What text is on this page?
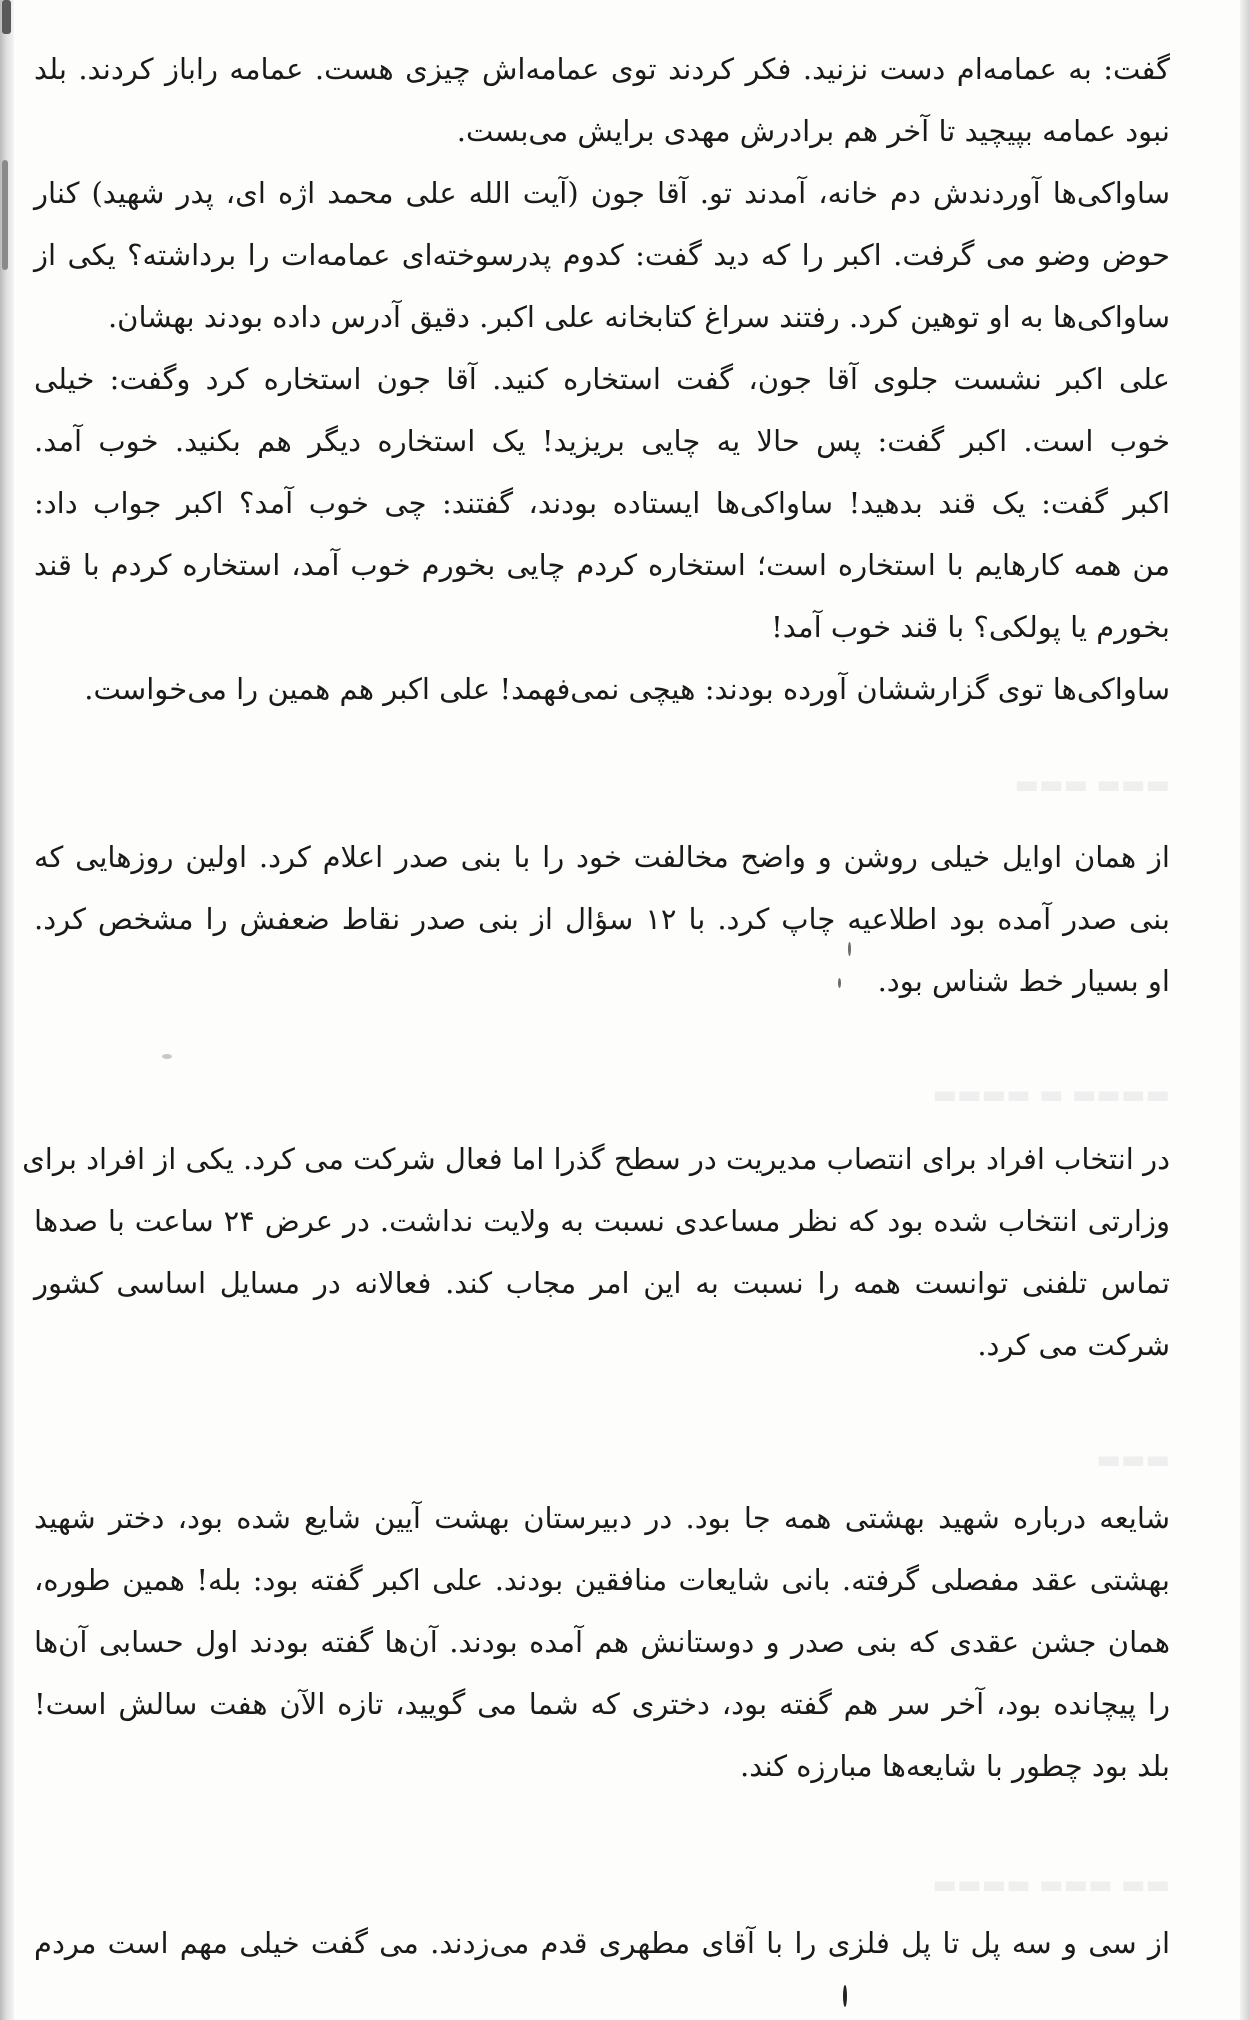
▬▬▬ ▬▬▬
▬▬▬▬ ▬ ▬▬▬▬
▬▬▬
▬▬ ▬▬▬ ▬▬▬▬
گفت: به عمامه‌ام دست نزنید. فکر کردند توی عمامه‌اش چیزی هست. عمامه راباز کردند. بلد
نبود عمامه بپیچید تا آخر هم برادرش مهدی برایش می‌بست.
ساواکی‌ها آوردندش دم خانه، آمدند تو. آقا جون (آیت الله علی محمد اژه ای، پدر شهید) کنار
حوض وضو می گرفت. اکبر را که دید گفت: کدوم پدرسوخته‌ای عمامه‌ات را برداشته؟ یکی از
ساواکی‌ها به او توهین کرد. رفتند سراغ کتابخانه علی اکبر. دقیق آدرس داده بودند بهشان.
علی اکبر نشست جلوی آقا جون، گفت استخاره کنید. آقا جون استخاره کرد وگفت: خیلی
خوب است. اکبر گفت: پس حالا یه چایی بریزید! یک استخاره دیگر هم بکنید. خوب آمد.
اکبر گفت: یک قند بدهید! ساواکی‌ها ایستاده بودند، گفتند: چی خوب آمد؟ اکبر جواب داد:
من همه کارهایم با استخاره است؛ استخاره کردم چایی بخورم خوب آمد، استخاره کردم با قند
بخورم یا پولکی؟ با قند خوب آمد!
ساواکی‌ها توی گزارششان آورده بودند: هیچی نمی‌فهمد! علی اکبر هم همین را می‌خواست.
از همان اوایل خیلی روشن و واضح مخالفت خود را با بنی صدر اعلام کرد. اولین روزهایی که
بنی صدر آمده بود اطلاعیه چاپ کرد. با ۱۲ سؤال از بنی صدر نقاط ضعفش را مشخص کرد.
او بسیار خط شناس بود.
در انتخاب افراد برای انتصاب مدیریت در سطح گذرا اما فعال شرکت می کرد. یکی از افراد برای
وزارتی انتخاب شده بود که نظر مساعدی نسبت به ولایت نداشت. در عرض ۲۴ ساعت با صدها
تماس تلفنی توانست همه را نسبت به این امر مجاب کند. فعالانه در مسایل اساسی کشور
شرکت می کرد.
شایعه درباره شهید بهشتی همه جا بود. در دبیرستان بهشت آیین شایع شده بود، دختر شهید
بهشتی عقد مفصلی گرفته. بانی شایعات منافقین بودند. علی اکبر گفته بود: بله! همین طوره،
همان جشن عقدی که بنی صدر و دوستانش هم آمده بودند. آن‌ها گفته بودند اول حسابی آن‌ها
را پیچانده بود، آخر سر هم گفته بود، دختری که شما می گویید، تازه الآن هفت سالش است!
بلد بود چطور با شایعه‌ها مبارزه کند.
از سی و سه پل تا پل فلزی را با آقای مطهری قدم می‌زدند. می گفت خیلی مهم است مردم
